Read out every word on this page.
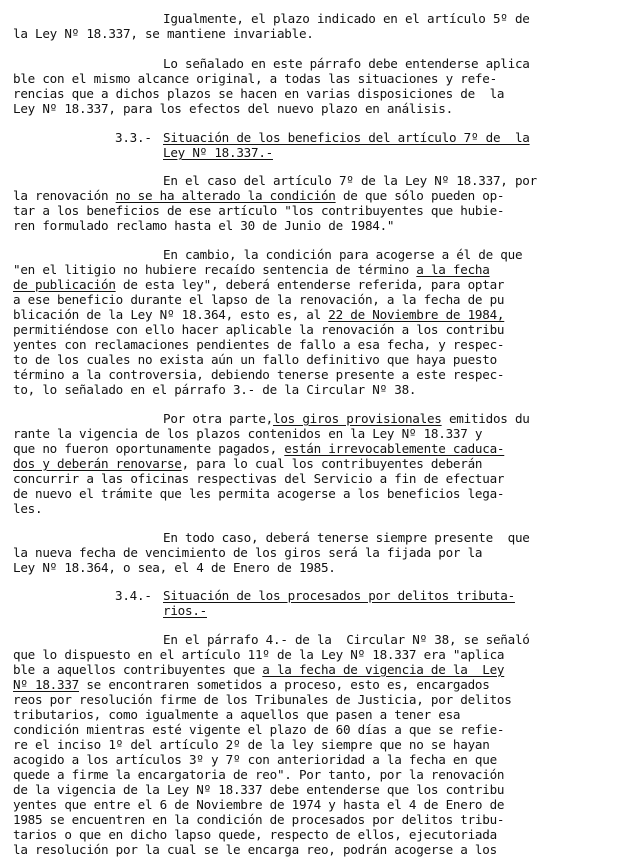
Igualmente, el plazo indicado en el artículo 5º de
la Ley Nº 18.337, se mantiene invariable.
Lo señalado en este párrafo debe entenderse aplica
ble con el mismo alcance original, a todas las situaciones y refe-
rencias que a dichos plazos se hacen en varias disposiciones de  la
Ley Nº 18.337, para los efectos del nuevo plazo en análisis.
3.3.- Situación de los beneficios del artículo 7º de  la
Ley Nº 18.337.-
En el caso del artículo 7º de la Ley Nº 18.337, por
la renovación no se ha alterado la condición de que sólo pueden op-
tar a los beneficios de ese artículo "los contribuyentes que hubie-
ren formulado reclamo hasta el 30 de Junio de 1984."
En cambio, la condición para acogerse a él de que
"en el litigio no hubiere recaído sentencia de término a la fecha
de publicación de esta ley", deberá entenderse referida, para optar
a ese beneficio durante el lapso de la renovación, a la fecha de pu
blicación de la Ley Nº 18.364, esto es, al 22 de Noviembre de 1984,
permitiéndose con ello hacer aplicable la renovación a los contribu
yentes con reclamaciones pendientes de fallo a esa fecha, y respec-
to de los cuales no exista aún un fallo definitivo que haya puesto
término a la controversia, debiendo tenerse presente a este respec-
to, lo señalado en el párrafo 3.- de la Circular Nº 38.
Por otra parte,los giros provisionales emitidos du
rante la vigencia de los plazos contenidos en la Ley Nº 18.337 y
que no fueron oportunamente pagados, están irrevocablemente caduca-
dos y deberán renovarse, para lo cual los contribuyentes deberán
concurrir a las oficinas respectivas del Servicio a fin de efectuar
de nuevo el trámite que les permita acogerse a los beneficios lega-
les.
En todo caso, deberá tenerse siempre presente  que
la nueva fecha de vencimiento de los giros será la fijada por la
Ley Nº 18.364, o sea, el 4 de Enero de 1985.
3.4.- Situación de los procesados por delitos tributa-
rios.-
En el párrafo 4.- de la  Circular Nº 38, se señaló
que lo dispuesto en el artículo 11º de la Ley Nº 18.337 era "aplica
ble a aquellos contribuyentes que a la fecha de vigencia de la  Ley
Nº 18.337 se encontraren sometidos a proceso, esto es, encargados
reos por resolución firme de los Tribunales de Justicia, por delitos
tributarios, como igualmente a aquellos que pasen a tener esa
condición mientras esté vigente el plazo de 60 días a que se refie-
re el inciso 1º del artículo 2º de la ley siempre que no se hayan
acogido a los artículos 3º y 7º con anterioridad a la fecha en que
quede a firme la encargatoria de reo". Por tanto, por la renovación
de la vigencia de la Ley Nº 18.337 debe entenderse que los contribu
yentes que entre el 6 de Noviembre de 1974 y hasta el 4 de Enero de
1985 se encuentren en la condición de procesados por delitos tribu-
tarios o que en dicho lapso quede, respecto de ellos, ejecutoriada
la resolución por la cual se le encarga reo, podrán acogerse a los
